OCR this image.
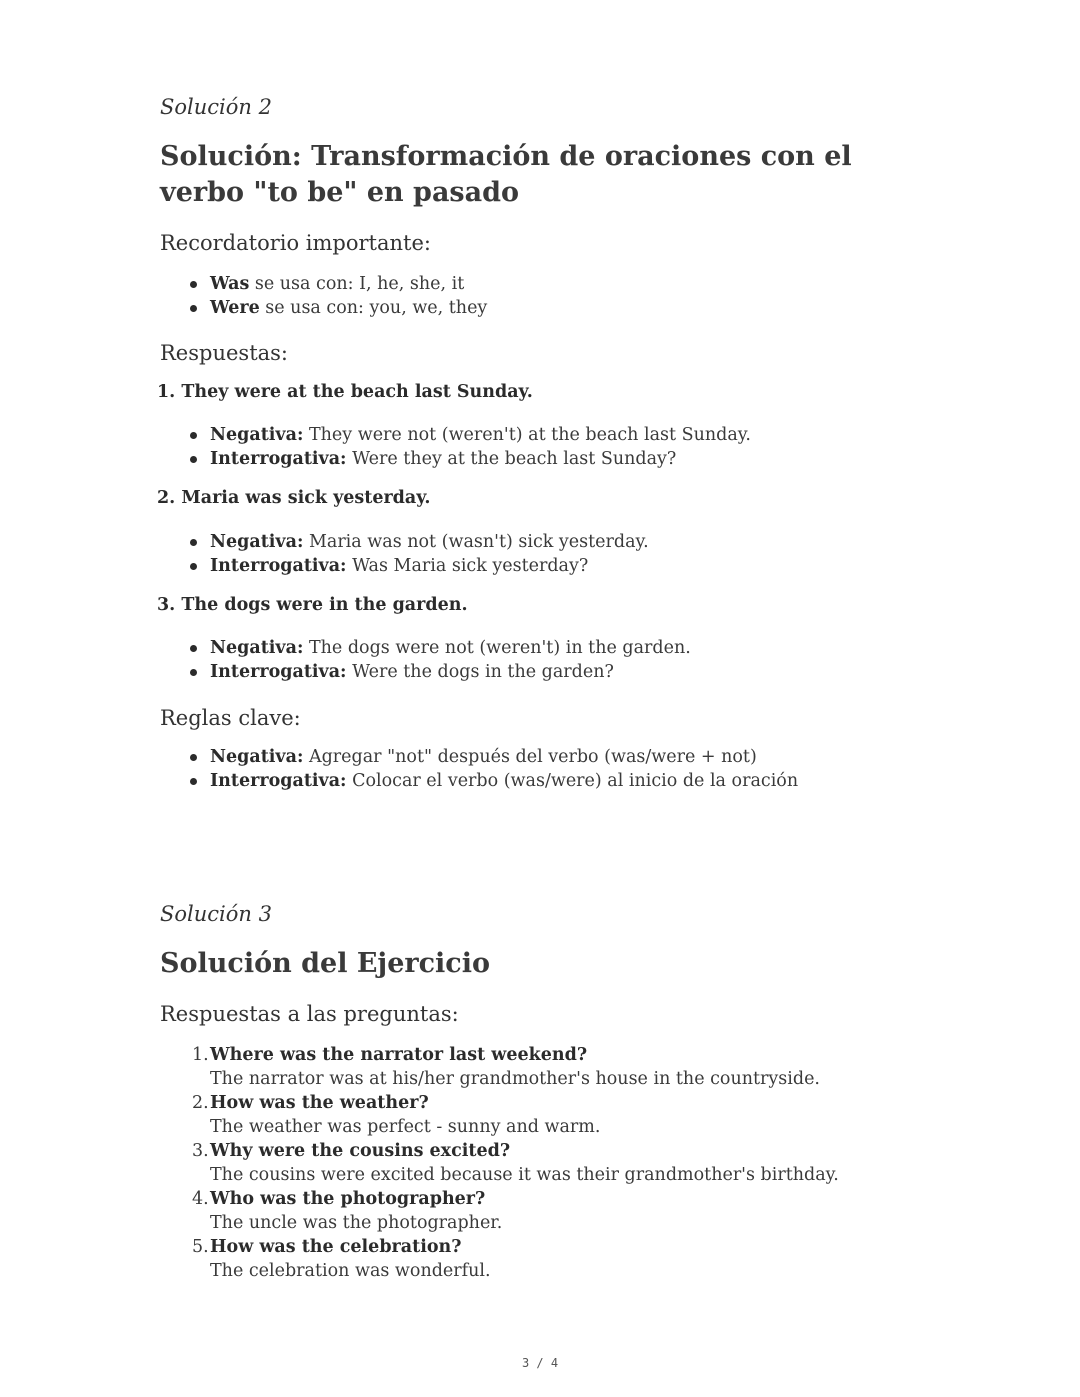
Solución 2
Solución: Transformación de oraciones con el verbo "to be" en pasado
Recordatorio importante:
Was se usa con: I, he, she, it
Were se usa con: you, we, they
Respuestas:
1. They were at the beach last Sunday.
Negativa: They were not (weren't) at the beach last Sunday.
Interrogativa: Were they at the beach last Sunday?
2. Maria was sick yesterday.
Negativa: Maria was not (wasn't) sick yesterday.
Interrogativa: Was Maria sick yesterday?
3. The dogs were in the garden.
Negativa: The dogs were not (weren't) in the garden.
Interrogativa: Were the dogs in the garden?
Reglas clave:
Negativa: Agregar "not" después del verbo (was/were + not)
Interrogativa: Colocar el verbo (was/were) al inicio de la oración
Solución 3
Solución del Ejercicio
Respuestas a las preguntas:
1. Where was the narrator last weekend?
The narrator was at his/her grandmother's house in the countryside.
2. How was the weather?
The weather was perfect - sunny and warm.
3. Why were the cousins excited?
The cousins were excited because it was their grandmother's birthday.
4. Who was the photographer?
The uncle was the photographer.
5. How was the celebration?
The celebration was wonderful.
3 / 4
